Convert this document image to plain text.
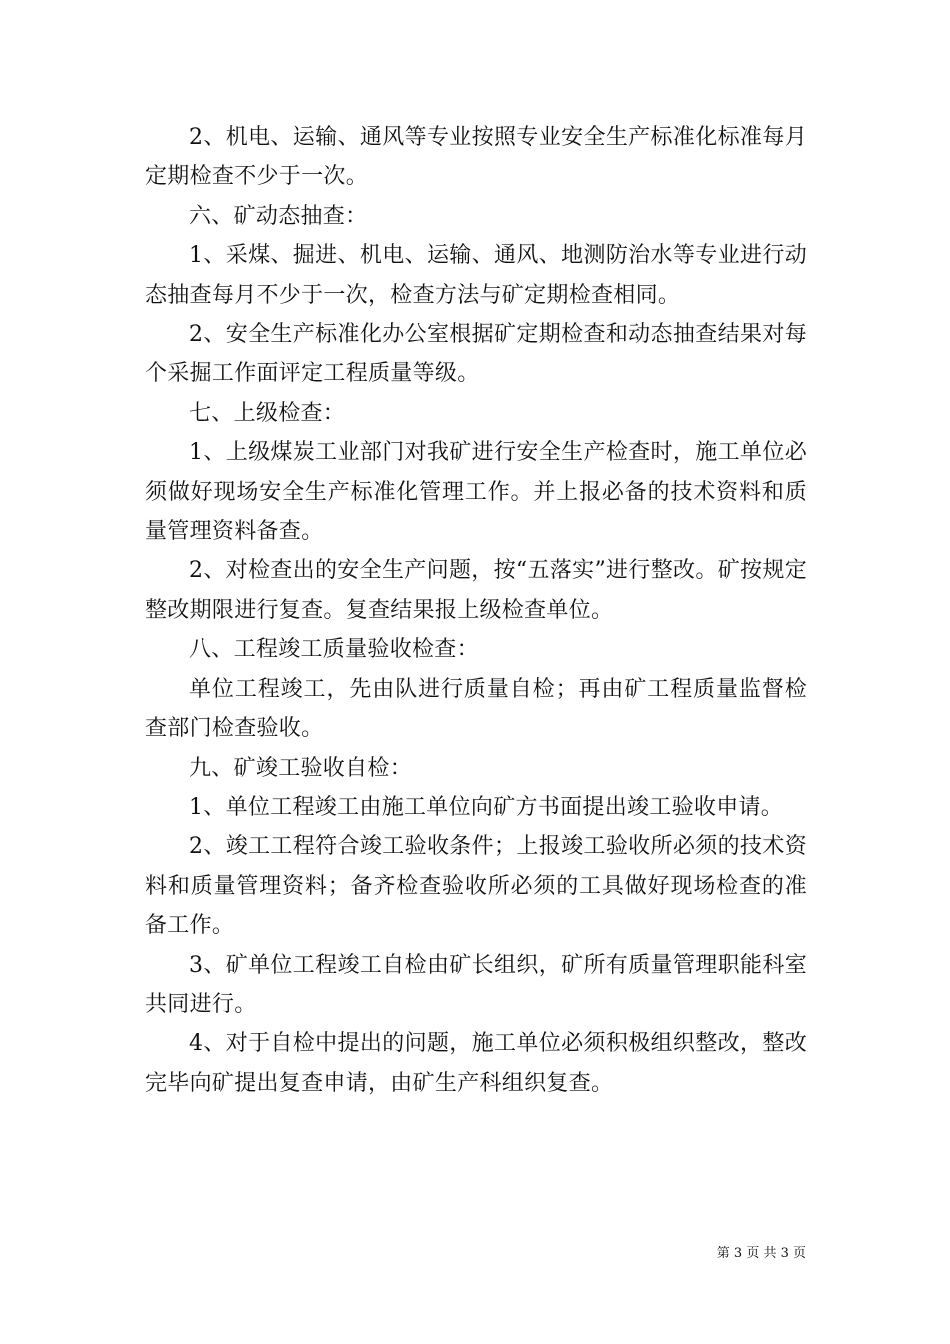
2、机电、运输、通风等专业按照专业安全生产标准化标准每月定期检查不少于一次。

六、矿动态抽查：

1、采煤、掘进、机电、运输、通风、地测防治水等专业进行动态抽查每月不少于一次，检查方法与矿定期检查相同。

2、安全生产标准化办公室根据矿定期检查和动态抽查结果对每个采掘工作面评定工程质量等级。

七、上级检查：

1、上级煤炭工业部门对我矿进行安全生产检查时，施工单位必须做好现场安全生产标准化管理工作。并上报必备的技术资料和质量管理资料备查。

2、对检查出的安全生产问题，按“五落实”进行整改。矿按规定整改期限进行复查。复查结果报上级检查单位。

八、工程竣工质量验收检查：

单位工程竣工，先由队进行质量自检；再由矿工程质量监督检查部门检查验收。

九、矿竣工验收自检：

1、单位工程竣工由施工单位向矿方书面提出竣工验收申请。

2、竣工工程符合竣工验收条件；上报竣工验收所必须的技术资料和质量管理资料；备齐检查验收所必须的工具做好现场检查的准备工作。

3、矿单位工程竣工自检由矿长组织，矿所有质量管理职能科室共同进行。

4、对于自检中提出的问题，施工单位必须积极组织整改，整改完毕向矿提出复查申请，由矿生产科组织复查。

第 3 页 共 3 页
